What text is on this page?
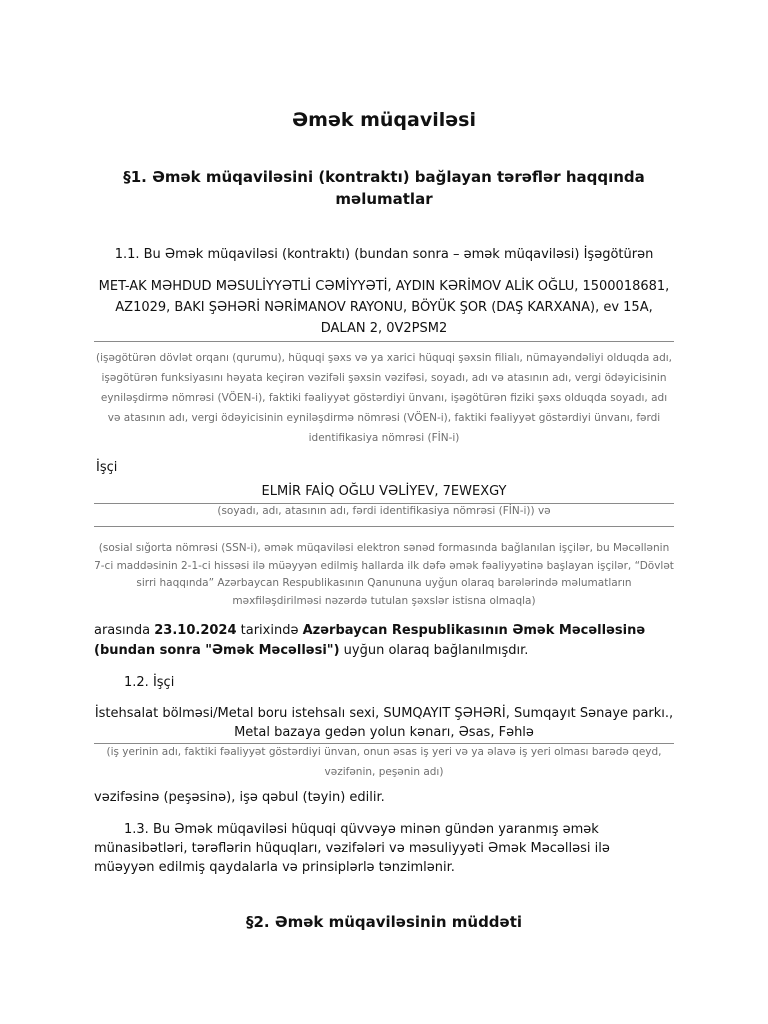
Əmək müqaviləsi
§1. Əmək müqaviləsini (kontraktı) bağlayan tərəflər haqqında məlumatlar
1.1. Bu Əmək müqaviləsi (kontraktı) (bundan sonra – əmək müqaviləsi) İşəgötürən
MET-AK MƏHDUD MƏSULİYYƏTLİ CƏMİYYƏTİ, AYDIN KƏRİMOV ALİK OĞLU, 1500018681, AZ1029, BAKI ŞƏHƏRİ NƏRİMANOV RAYONU, BÖYÜK ŞOR (DAŞ KARXANA), ev 15A, DALAN 2, 0V2PSM2
(işəgötürən dövlət orqanı (qurumu), hüquqi şəxs və ya xarici hüquqi şəxsin filialı, nümayəndəliyi olduqda adı, işəgötürən funksiyasını həyata keçirən vəzifəli şəxsin vəzifəsi, soyadı, adı və atasının adı, vergi ödəyicisinin eyniləşdirmə nömrəsi (VÖEN-i), faktiki fəaliyyət göstərdiyi ünvanı, işəgötürən fiziki şəxs olduqda soyadı, adı və atasının adı, vergi ödəyicisinin eyniləşdirmə nömrəsi (VÖEN-i), faktiki fəaliyyət göstərdiyi ünvanı, fərdi identifikasiya nömrəsi (FİN-i)
İşçi
ELMİR FAİQ OĞLU VƏLİYEV, 7EWEXGY
(soyadı, adı, atasının adı, fərdi identifikasiya nömrəsi (FİN-i)) və
(sosial sığorta nömrəsi (SSN-i), əmək müqaviləsi elektron sənəd formasında bağlanılan işçilər, bu Məcəllənin 7-ci maddəsinin 2-1-ci hissəsi ilə müəyyən edilmiş hallarda ilk dəfə əmək fəaliyyətinə başlayan işçilər, “Dövlət sirri haqqında” Azərbaycan Respublikasının Qanununa uyğun olaraq barələrində məlumatların məxfiləşdirilməsi nəzərdə tutulan şəxslər istisna olmaqla)
arasında 23.10.2024 tarixində Azərbaycan Respublikasının Əmək Məcəlləsinə (bundan sonra "Əmək Məcəlləsi") uyğun olaraq bağlanılmışdır.
1.2. İşçi
İstehsalat bölməsi/Metal boru istehsalı sexi, SUMQAYIT ŞƏHƏRİ, Sumqayıt Sənaye parkı., Metal bazaya gedən yolun kənarı, Əsas, Fəhlə
(iş yerinin adı, faktiki fəaliyyət göstərdiyi ünvan, onun əsas iş yeri və ya əlavə iş yeri olması barədə qeyd, vəzifənin, peşənin adı)
vəzifəsinə (peşəsinə), işə qəbul (təyin) edilir.
1.3. Bu Əmək müqaviləsi hüquqi qüvvəyə minən gündən yaranmış əmək münasibətləri, tərəflərin hüquqları, vəzifələri və məsuliyyəti Əmək Məcəlləsi ilə müəyyən edilmiş qaydalarla və prinsiplərlə tənzimlənir.
§2. Əmək müqaviləsinin müddəti
